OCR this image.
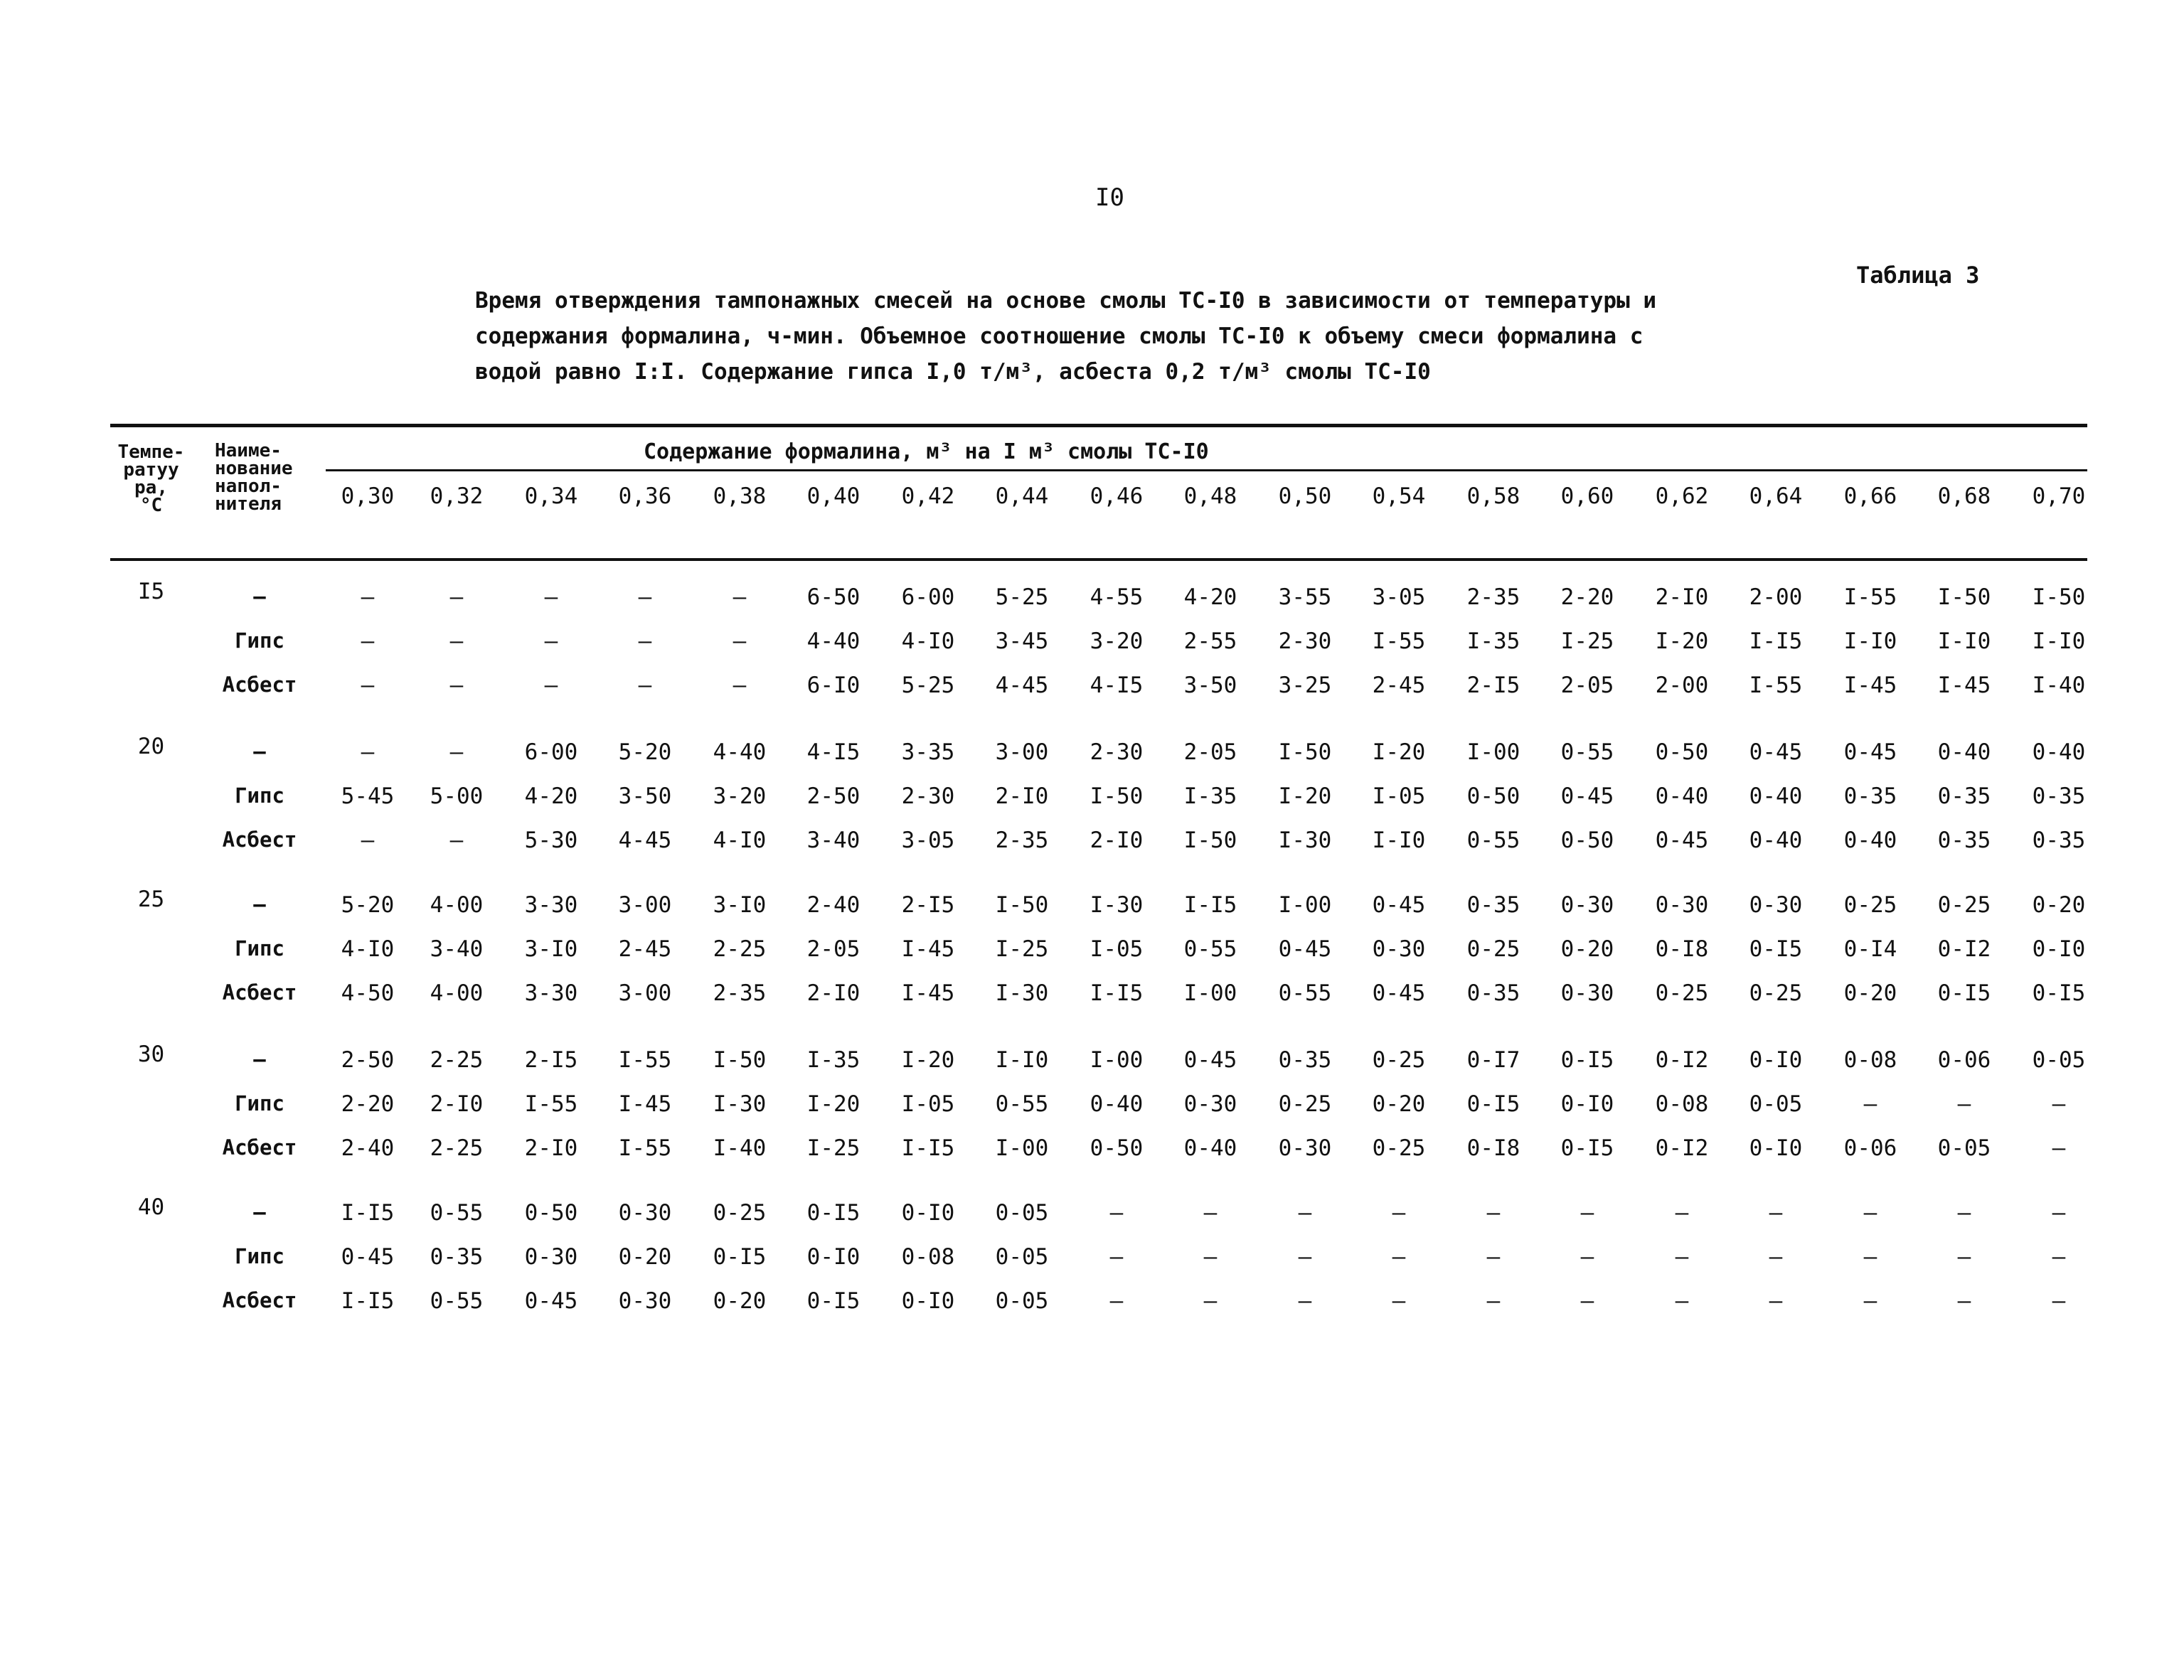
I0
Таблица 3
Время отверждения тампонажных смесей на основе смолы ТС-I0 в зависимости от температуры и
содержания формалина, ч-мин. Объемное соотношение смолы ТС-I0 к объему смеси формалина с
водой равно I:I. Содержание гипса I,0 т/м³, асбеста 0,2 т/м³ смолы ТС-I0
Темпе-
ратуу
ра,
°С
Наиме-
нование
напол-
нителя
Содержание формалина, м³ на I м³ смолы ТС-I0
0,30	0,32	0,34	0,36	0,38	0,40	0,42	0,44	0,46	0,48	0,50	0,54	0,58	0,60	0,62	0,64	0,66	0,68	0,70
I5	–	–	–	–	–	–	6-50	6-00	5-25	4-55	4-20	3-55	3-05	2-35	2-20	2-I0	2-00	I-55	I-50	I-50
Гипс	–	–	–	–	–	4-40	4-I0	3-45	3-20	2-55	2-30	I-55	I-35	I-25	I-20	I-I5	I-I0	I-I0	I-I0
Асбест	–	–	–	–	–	6-I0	5-25	4-45	4-I5	3-50	3-25	2-45	2-I5	2-05	2-00	I-55	I-45	I-45	I-40
20	–	–	–	6-00	5-20	4-40	4-I5	3-35	3-00	2-30	2-05	I-50	I-20	I-00	0-55	0-50	0-45	0-45	0-40	0-40
Гипс	5-45	5-00	4-20	3-50	3-20	2-50	2-30	2-I0	I-50	I-35	I-20	I-05	0-50	0-45	0-40	0-40	0-35	0-35	0-35
Асбест	–	–	5-30	4-45	4-I0	3-40	3-05	2-35	2-I0	I-50	I-30	I-I0	0-55	0-50	0-45	0-40	0-40	0-35	0-35
25	–	5-20	4-00	3-30	3-00	3-I0	2-40	2-I5	I-50	I-30	I-I5	I-00	0-45	0-35	0-30	0-30	0-30	0-25	0-25	0-20
Гипс	4-I0	3-40	3-I0	2-45	2-25	2-05	I-45	I-25	I-05	0-55	0-45	0-30	0-25	0-20	0-I8	0-I5	0-I4	0-I2	0-I0
Асбест	4-50	4-00	3-30	3-00	2-35	2-I0	I-45	I-30	I-I5	I-00	0-55	0-45	0-35	0-30	0-25	0-25	0-20	0-I5	0-I5
30	–	2-50	2-25	2-I5	I-55	I-50	I-35	I-20	I-I0	I-00	0-45	0-35	0-25	0-I7	0-I5	0-I2	0-I0	0-08	0-06	0-05
Гипс	2-20	2-I0	I-55	I-45	I-30	I-20	I-05	0-55	0-40	0-30	0-25	0-20	0-I5	0-I0	0-08	0-05	–	–	–
Асбест	2-40	2-25	2-I0	I-55	I-40	I-25	I-I5	I-00	0-50	0-40	0-30	0-25	0-I8	0-I5	0-I2	0-I0	0-06	0-05	–
40	–	I-I5	0-55	0-50	0-30	0-25	0-I5	0-I0	0-05	–	–	–	–	–	–	–	–	–	–	–
Гипс	0-45	0-35	0-30	0-20	0-I5	0-I0	0-08	0-05	–	–	–	–	–	–	–	–	–	–	–
Асбест	I-I5	0-55	0-45	0-30	0-20	0-I5	0-I0	0-05	–	–	–	–	–	–	–	–	–	–	–
